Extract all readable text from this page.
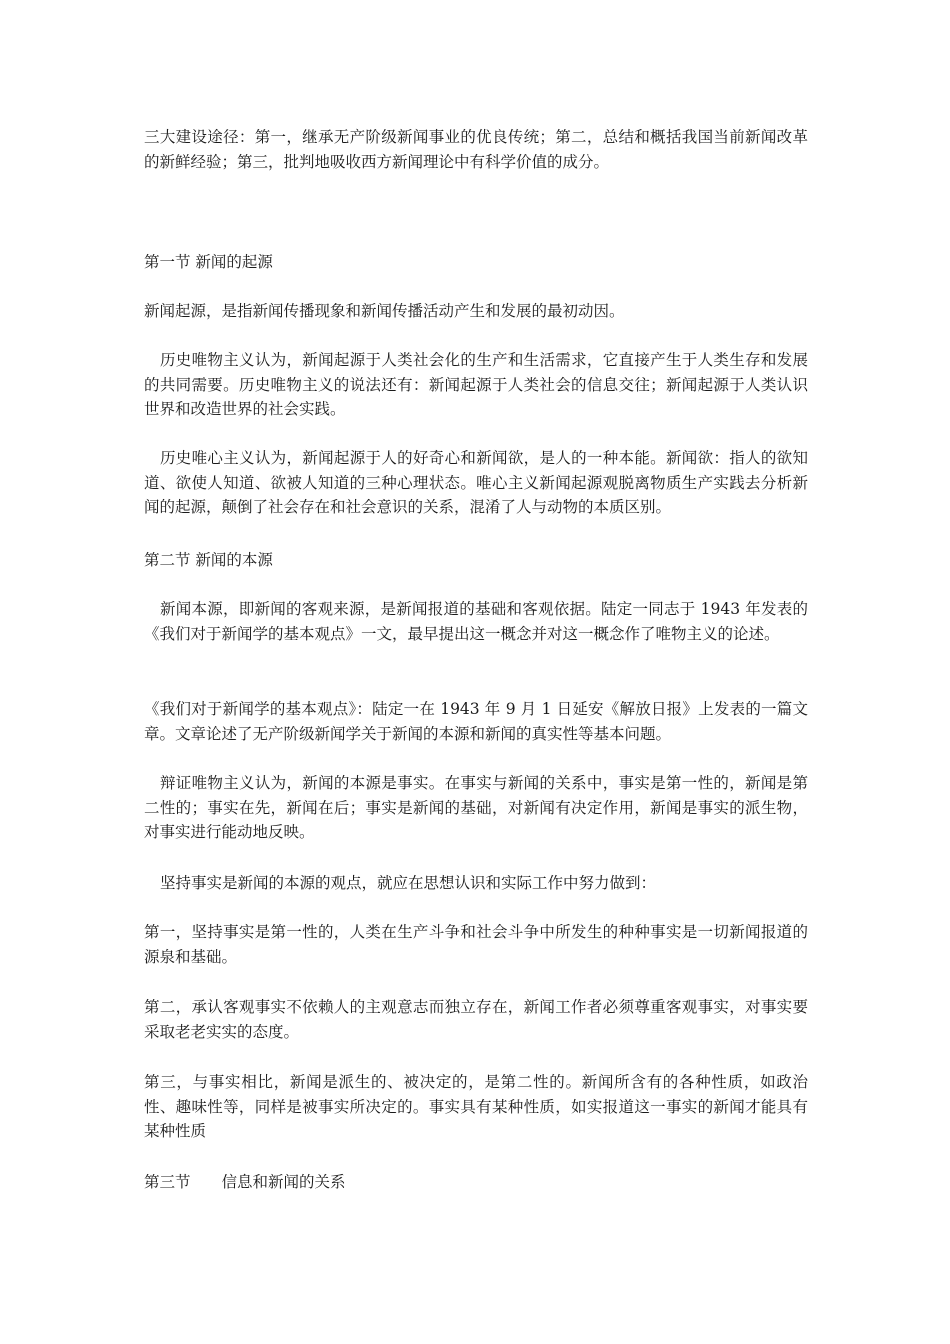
三大建设途径：第一，继承无产阶级新闻事业的优良传统；第二，总结和概括我国当前新闻改革的新鲜经验；第三，批判地吸收西方新闻理论中有科学价值的成分。

第一节 新闻的起源

新闻起源，是指新闻传播现象和新闻传播活动产生和发展的最初动因。

历史唯物主义认为，新闻起源于人类社会化的生产和生活需求，它直接产生于人类生存和发展的共同需要。历史唯物主义的说法还有：新闻起源于人类社会的信息交往；新闻起源于人类认识世界和改造世界的社会实践。

历史唯心主义认为，新闻起源于人的好奇心和新闻欲，是人的一种本能。新闻欲：指人的欲知道、欲使人知道、欲被人知道的三种心理状态。唯心主义新闻起源观脱离物质生产实践去分析新闻的起源，颠倒了社会存在和社会意识的关系，混淆了人与动物的本质区别。

第二节 新闻的本源

新闻本源，即新闻的客观来源，是新闻报道的基础和客观依据。陆定一同志于 1943 年发表的《我们对于新闻学的基本观点》一文，最早提出这一概念并对这一概念作了唯物主义的论述。

《我们对于新闻学的基本观点》：陆定一在 1943 年 9 月 1 日延安《解放日报》上发表的一篇文章。文章论述了无产阶级新闻学关于新闻的本源和新闻的真实性等基本问题。

辩证唯物主义认为，新闻的本源是事实。在事实与新闻的关系中，事实是第一性的，新闻是第二性的；事实在先，新闻在后；事实是新闻的基础，对新闻有决定作用，新闻是事实的派生物，对事实进行能动地反映。

坚持事实是新闻的本源的观点，就应在思想认识和实际工作中努力做到：

第一，坚持事实是第一性的，人类在生产斗争和社会斗争中所发生的种种事实是一切新闻报道的源泉和基础。

第二，承认客观事实不依赖人的主观意志而独立存在，新闻工作者必须尊重客观事实，对事实要采取老老实实的态度。

第三，与事实相比，新闻是派生的、被决定的，是第二性的。新闻所含有的各种性质，如政治性、趣味性等，同样是被事实所决定的。事实具有某种性质，如实报道这一事实的新闻才能具有某种性质

第三节　　信息和新闻的关系
